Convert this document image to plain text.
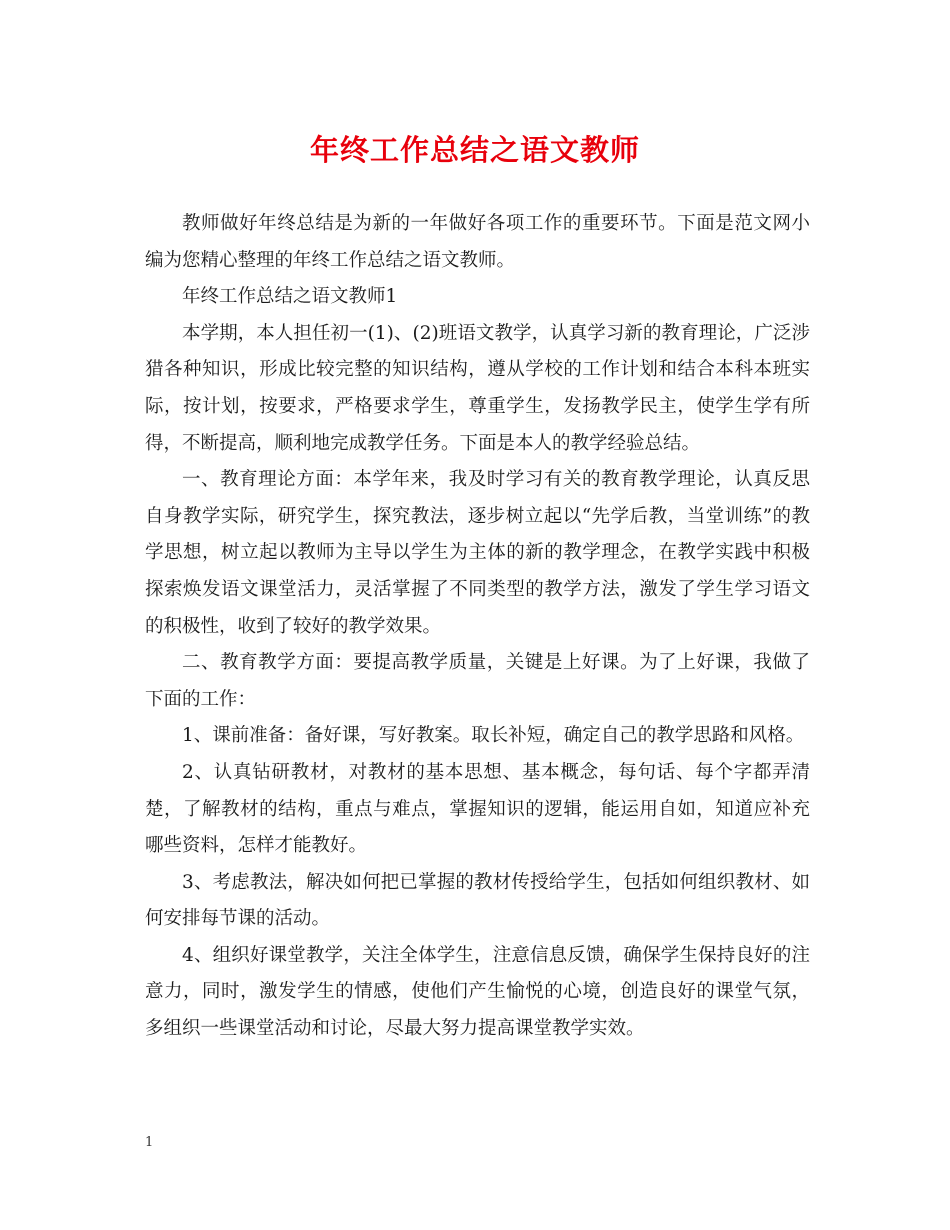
年终工作总结之语文教师

教师做好年终总结是为新的一年做好各项工作的重要环节。下面是范文网小编为您精心整理的年终工作总结之语文教师。

年终工作总结之语文教师1

本学期，本人担任初一(1)、(2)班语文教学，认真学习新的教育理论，广泛涉猎各种知识，形成比较完整的知识结构，遵从学校的工作计划和结合本科本班实际，按计划，按要求，严格要求学生，尊重学生，发扬教学民主，使学生学有所得，不断提高，顺利地完成教学任务。下面是本人的教学经验总结。

一、教育理论方面：本学年来，我及时学习有关的教育教学理论，认真反思自身教学实际，研究学生，探究教法，逐步树立起以“先学后教，当堂训练”的教学思想，树立起以教师为主导以学生为主体的新的教学理念，在教学实践中积极探索焕发语文课堂活力，灵活掌握了不同类型的教学方法，激发了学生学习语文的积极性，收到了较好的教学效果。

二、教育教学方面：要提高教学质量，关键是上好课。为了上好课，我做了下面的工作：

1、课前准备：备好课，写好教案。取长补短，确定自己的教学思路和风格。

2、认真钻研教材，对教材的基本思想、基本概念，每句话、每个字都弄清楚，了解教材的结构，重点与难点，掌握知识的逻辑，能运用自如，知道应补充哪些资料，怎样才能教好。

3、考虑教法，解决如何把已掌握的教材传授给学生，包括如何组织教材、如何安排每节课的活动。

4、组织好课堂教学，关注全体学生，注意信息反馈，确保学生保持良好的注意力，同时，激发学生的情感，使他们产生愉悦的心境，创造良好的课堂气氛，多组织一些课堂活动和讨论，尽最大努力提高课堂教学实效。

1
